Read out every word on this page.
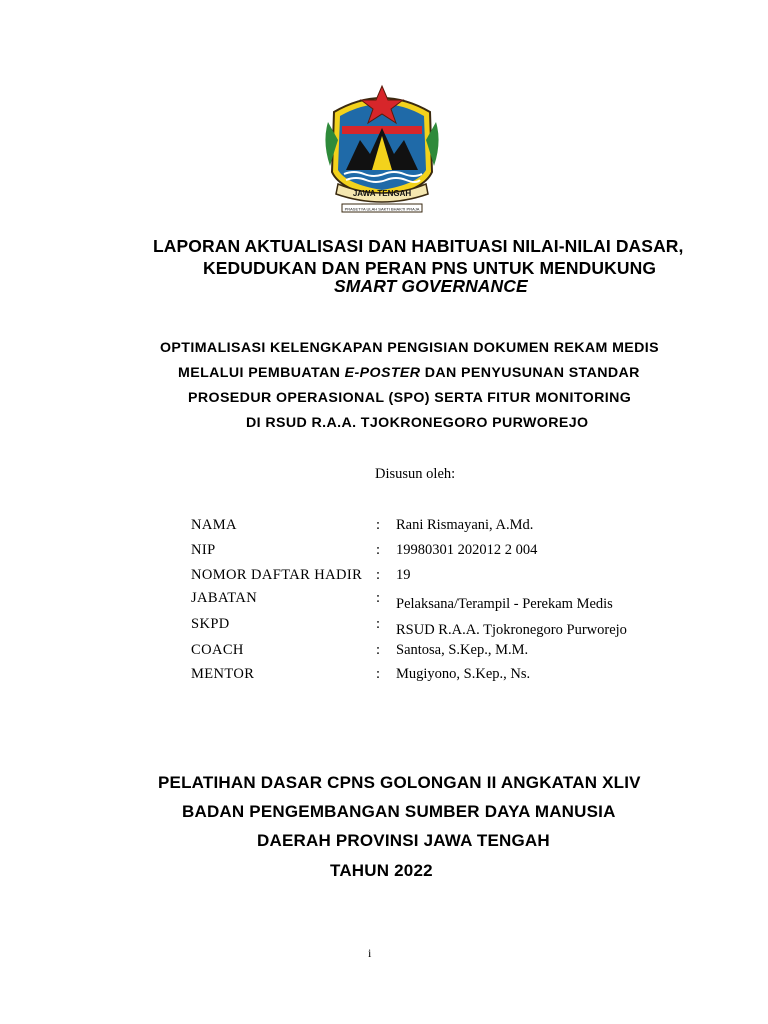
JAWA TENGAH
PRASETYA ULAH SAKTI BHAKTI PRAJA
LAPORAN AKTUALISASI DAN HABITUASI NILAI-NILAI DASAR,
KEDUDUKAN DAN PERAN PNS UNTUK MENDUKUNG
SMART GOVERNANCE
OPTIMALISASI KELENGKAPAN PENGISIAN DOKUMEN REKAM MEDIS
MELALUI PEMBUATAN E-POSTER DAN PENYUSUNAN STANDAR
PROSEDUR OPERASIONAL (SPO) SERTA FITUR MONITORING
DI RSUD R.A.A. TJOKRONEGORO PURWOREJO
Disusun oleh:
NAMA	: Rani Rismayani, A.Md.
NIP	: 19980301 202012 2 004
NOMOR DAFTAR HADIR : 19
JABATAN	: Pelaksana/Terampil - Perekam Medis
SKPD	: RSUD R.A.A. Tjokronegoro Purworejo
COACH	: Santosa, S.Kep., M.M.
MENTOR	: Mugiyono, S.Kep., Ns.
PELATIHAN DASAR CPNS GOLONGAN II ANGKATAN XLIV
BADAN PENGEMBANGAN SUMBER DAYA MANUSIA
DAERAH PROVINSI JAWA TENGAH
TAHUN 2022
i
